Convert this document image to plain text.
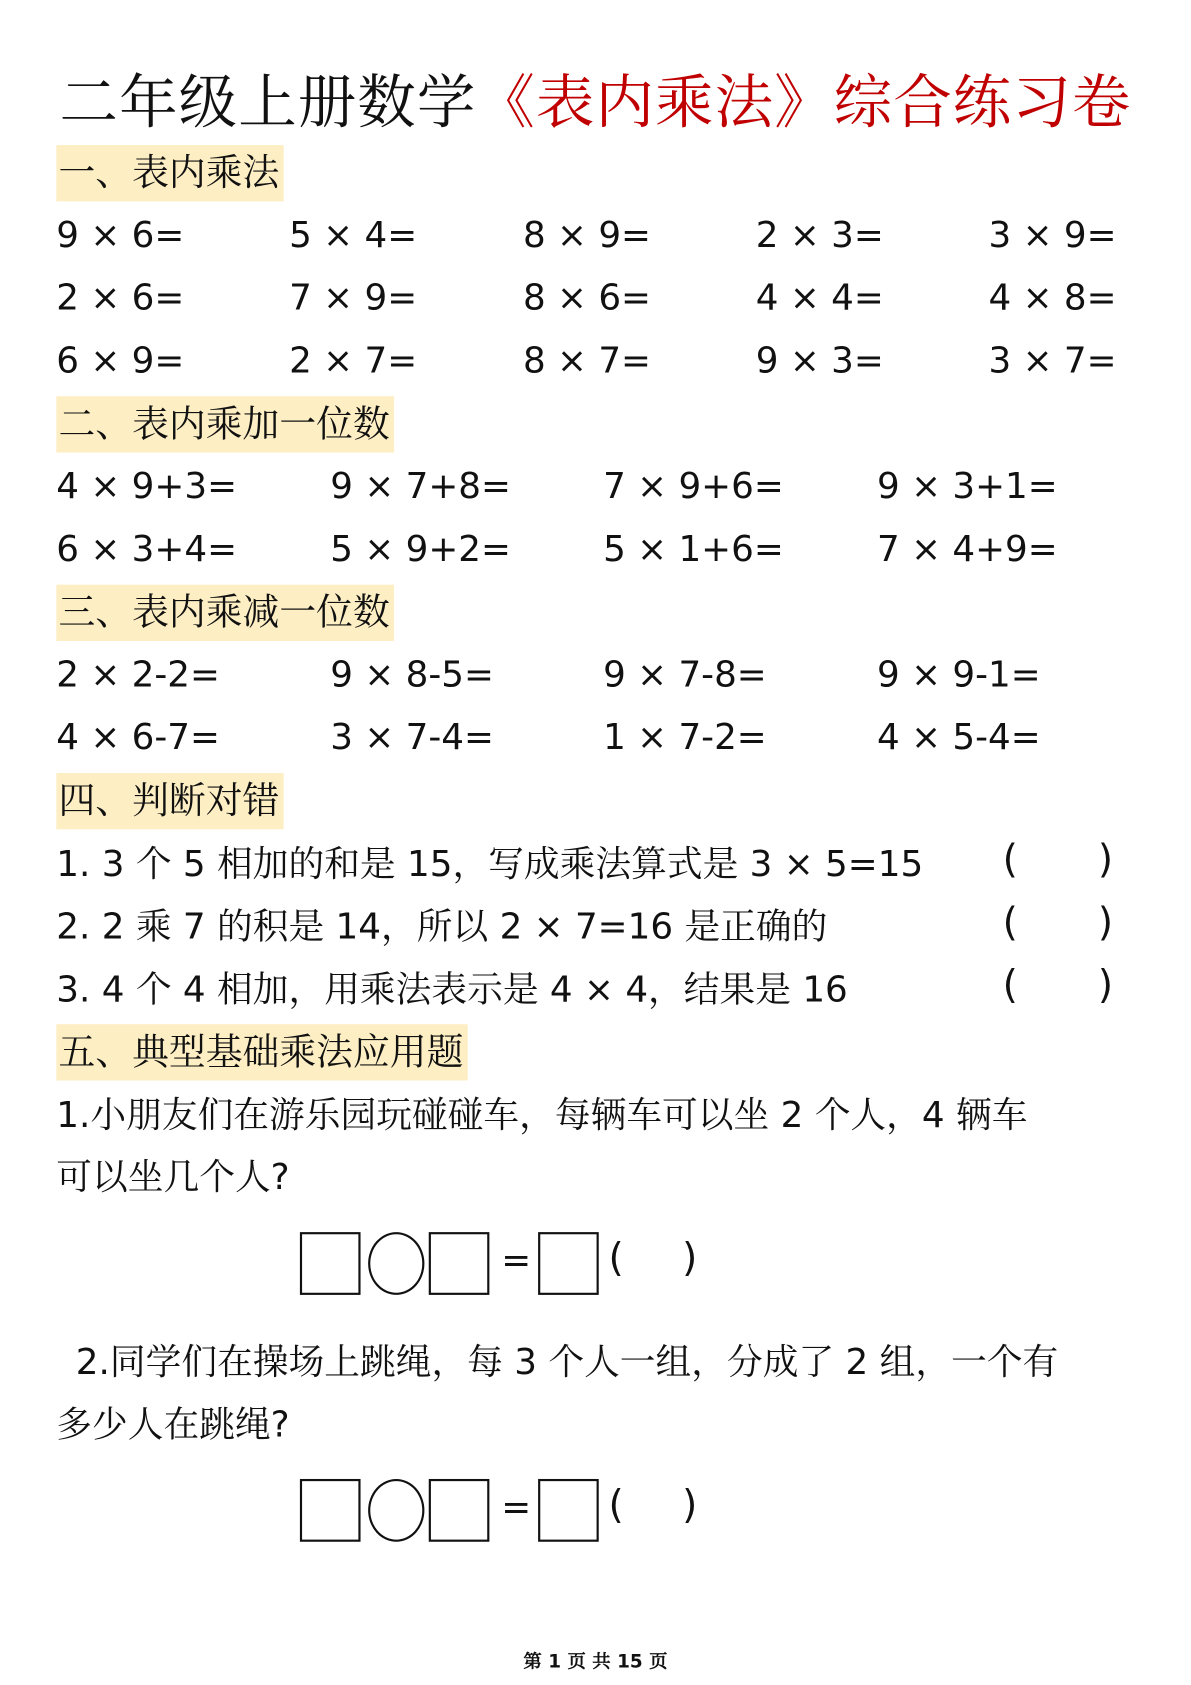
二年级上册数学《表内乘法》综合练习卷
一、表内乘法
二、表内乘加一位数
三、表内乘减一位数
四、判断对错
五、典型基础乘法应用题
9 × 6=	5 × 4=	8 × 9=	2 × 3=	3 × 9=
2 × 6=	7 × 9=	8 × 6=	4 × 4=	4 × 8=
6 × 9=	2 × 7=	8 × 7=	9 × 3=	3 × 7=
4 × 9+3=	9 × 7+8=	7 × 9+6=	9 × 3+1=
6 × 3+4=	5 × 9+2=	5 × 1+6=	7 × 4+9=
2 × 2-2=	9 × 8-5=	9 × 7-8=	9 × 9-1=
4 × 6-7=	3 × 7-4=	1 × 7-2=	4 × 5-4=
1. 3 个 5 相加的和是 15，写成乘法算式是 3 × 5=15 ( )
2. 2 乘 7 的积是 14，所以 2 × 7=16 是正确的	( )
3. 4 个 4 相加，用乘法表示是 4 × 4，结果是 16	( )
= ( )
= ( )
1.小朋友们在游乐园玩碰碰车，每辆车可以坐 2 个人，4 辆车
可以坐几个人?
2.同学们在操场上跳绳，每 3 个人一组，分成了 2 组，一个有
多少人在跳绳?
第 1 页 共 15 页
